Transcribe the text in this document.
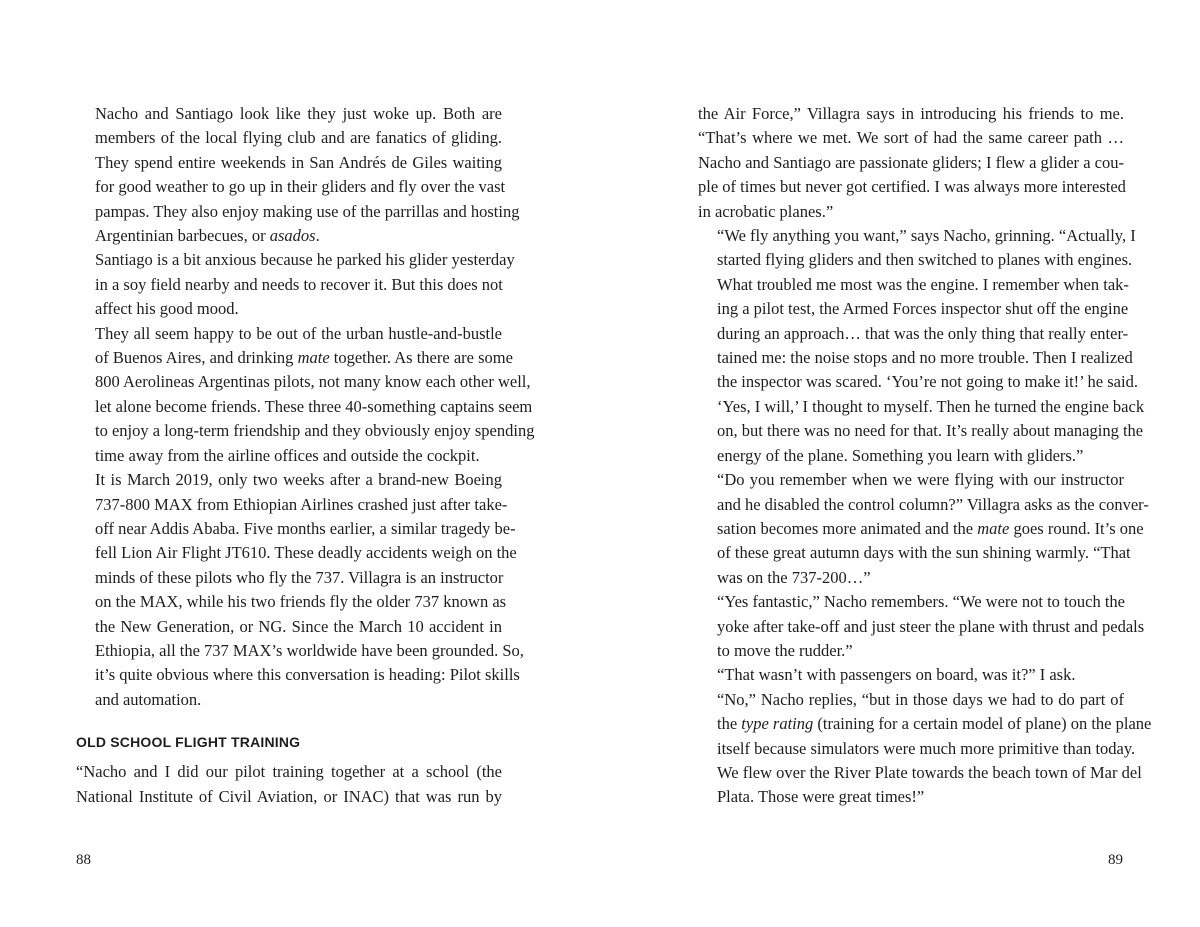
Nacho and Santiago look like they just woke up. Both are
members of the local flying club and are fanatics of gliding.
They spend entire weekends in San Andrés de Giles waiting
for good weather to go up in their gliders and fly over the vast
pampas. They also enjoy making use of the parrillas and hosting
Argentinian barbecues, or asados.

Santiago is a bit anxious because he parked his glider yesterday
in a soy field nearby and needs to recover it. But this does not
affect his good mood.

They all seem happy to be out of the urban hustle-and-bustle
of Buenos Aires, and drinking mate together. As there are some
800 Aerolineas Argentinas pilots, not many know each other well,
let alone become friends. These three 40-something captains seem
to enjoy a long-term friendship and they obviously enjoy spending
time away from the airline offices and outside the cockpit.

It is March 2019, only two weeks after a brand-new Boeing
737-800 MAX from Ethiopian Airlines crashed just after take-
off near Addis Ababa. Five months earlier, a similar tragedy be-
fell Lion Air Flight JT610. These deadly accidents weigh on the
minds of these pilots who fly the 737. Villagra is an instructor
on the MAX, while his two friends fly the older 737 known as
the New Generation, or NG. Since the March 10 accident in
Ethiopia, all the 737 MAX’s worldwide have been grounded. So,
it’s quite obvious where this conversation is heading: Pilot skills
and automation.

OLD SCHOOL FLIGHT TRAINING

“Nacho and I did our pilot training together at a school (the
National Institute of Civil Aviation, or INAC) that was run by

the Air Force,” Villagra says in introducing his friends to me.
“That’s where we met. We sort of had the same career path …
Nacho and Santiago are passionate gliders; I flew a glider a cou-
ple of times but never got certified. I was always more interested
in acrobatic planes.”

“We fly anything you want,” says Nacho, grinning. “Actually, I
started flying gliders and then switched to planes with engines.
What troubled me most was the engine. I remember when tak-
ing a pilot test, the Armed Forces inspector shut off the engine
during an approach… that was the only thing that really enter-
tained me: the noise stops and no more trouble. Then I realized
the inspector was scared. ‘You’re not going to make it!’ he said.
‘Yes, I will,’ I thought to myself. Then he turned the engine back
on, but there was no need for that. It’s really about managing the
energy of the plane. Something you learn with gliders.”

“Do you remember when we were flying with our instructor
and he disabled the control column?” Villagra asks as the conver-
sation becomes more animated and the mate goes round. It’s one
of these great autumn days with the sun shining warmly. “That
was on the 737-200…”

“Yes fantastic,” Nacho remembers. “We were not to touch the
yoke after take-off and just steer the plane with thrust and pedals
to move the rudder.”

“That wasn’t with passengers on board, was it?” I ask.

“No,” Nacho replies, “but in those days we had to do part of
the type rating (training for a certain model of plane) on the plane
itself because simulators were much more primitive than today.
We flew over the River Plate towards the beach town of Mar del
Plata. Those were great times!”

88	89
